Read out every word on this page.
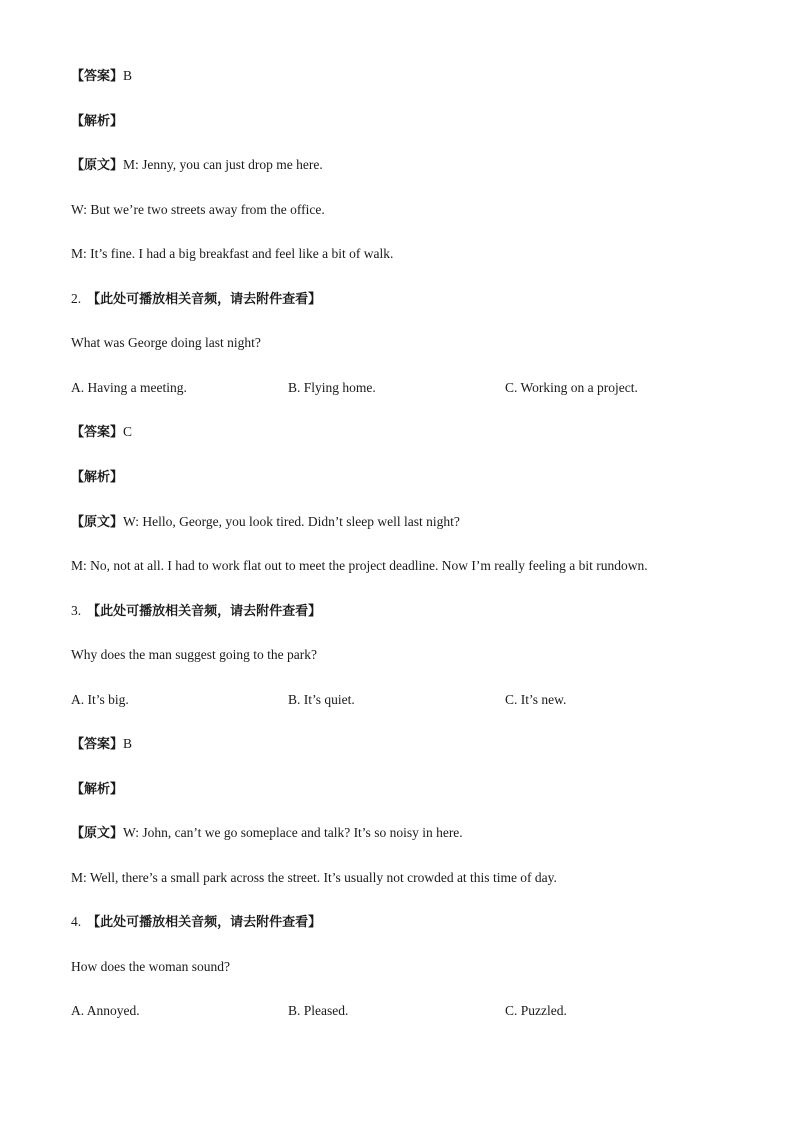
【答案】B
【解析】
【原文】M: Jenny, you can just drop me here.
W: But we’re two streets away from the office.
M: It’s fine. I had a big breakfast and feel like a bit of walk.
2. 【此处可播放相关音频，请去附件查看】
What was George doing last night?
A. Having a meeting.	B. Flying home.	C. Working on a project.
【答案】C
【解析】
【原文】W: Hello, George, you look tired. Didn’t sleep well last night?
M: No, not at all. I had to work flat out to meet the project deadline. Now I’m really feeling a bit rundown.
3. 【此处可播放相关音频，请去附件查看】
Why does the man suggest going to the park?
A. It’s big.	B. It’s quiet.	C. It’s new.
【答案】B
【解析】
【原文】W: John, can’t we go someplace and talk? It’s so noisy in here.
M: Well, there’s a small park across the street. It’s usually not crowded at this time of day.
4. 【此处可播放相关音频，请去附件查看】
How does the woman sound?
A. Annoyed.	B. Pleased.	C. Puzzled.
